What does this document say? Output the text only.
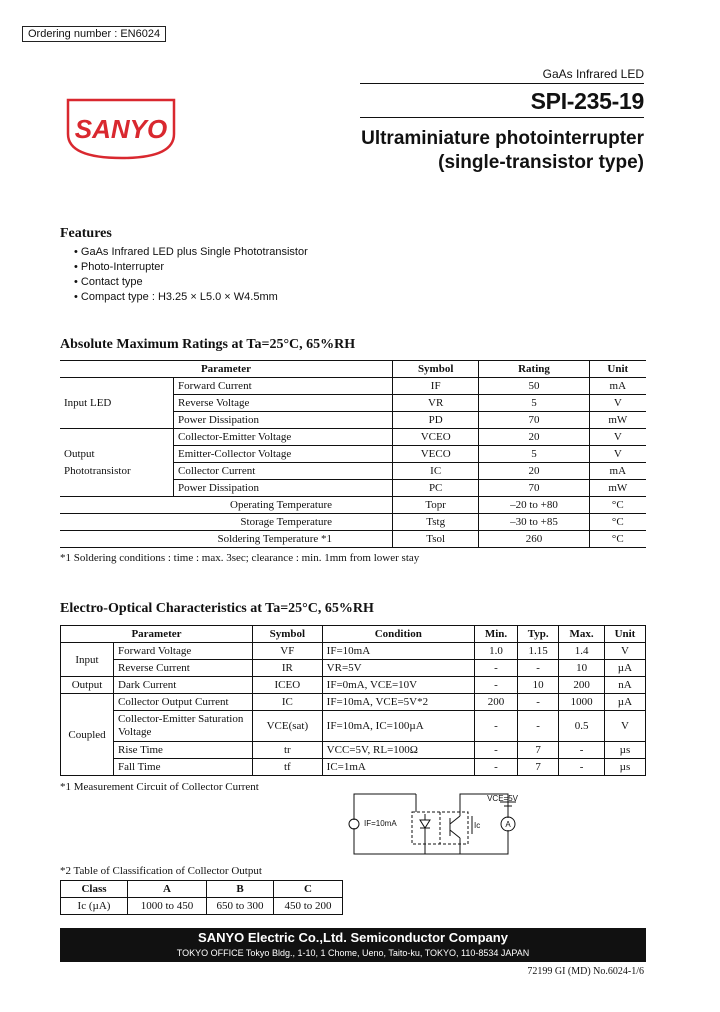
Ordering number : EN6024
GaAs Infrared LED
SPI-235-19
SANYO	Ultraminiature photointerrupter
(single-transistor type)
Features
• GaAs Infrared LED plus Single Phototransistor
• Photo-Interrupter
• Contact type
• Compact type : H3.25 × L5.0 × W4.5mm
Absolute Maximum Ratings at Ta=25°C, 65%RH
Parameter		Symbol	Rating	Unit
Input LED	Forward Current	IF	50	mA
	Reverse Voltage	VR	5	V
	Power Dissipation	PD	70	mW
Output
Phototransistor	Collector-Emitter Voltage	VCEO	20	V
	Emitter-Collector Voltage	VECO	5	V
	Collector Current	IC	20	mA
	Power Dissipation	PC	70	mW
Operating Temperature		Topr	–20 to +80	°C
Storage Temperature		Tstg	–30 to +85	°C
Soldering Temperature *1		Tsol	260	°C
*1 Soldering conditions : time : max. 3sec; clearance : min. 1mm from lower stay
Electro-Optical Characteristics at Ta=25°C, 65%RH
Parameter		Symbol	Condition	Min.	Typ.	Max.	Unit
Input	Forward Voltage	VF	IF=10mA	1.0	1.15	1.4	V
	Reverse Current	IR	VR=5V	-	-	10	µA
Output	Dark Current	ICEO	IF=0mA, VCE=10V	-	10	200	nA
Coupled	Collector Output Current	IC	IF=10mA, VCE=5V*2	200	-	1000	µA
	Collector-Emitter Saturation Voltage	VCE(sat)	IF=10mA, IC=100µA	-	-	0.5	V
	Rise Time	tr	VCC=5V, RL=100Ω	-	7	-	µs
	Fall Time	tf	IC=1mA	-	7	-	µs
*1 Measurement Circuit of Collector Current
IF=10mA	Ic
VCE=5V
A
*2 Table of Classification of Collector Output
Class	A	B	C
Ic (µA)	1000 to 450	650 to 300	450 to 200
SANYO Electric Co.,Ltd. Semiconductor Company
TOKYO OFFICE Tokyo Bldg., 1-10, 1 Chome, Ueno, Taito-ku, TOKYO, 110-8534 JAPAN
72199 GI (MD) No.6024-1/6
